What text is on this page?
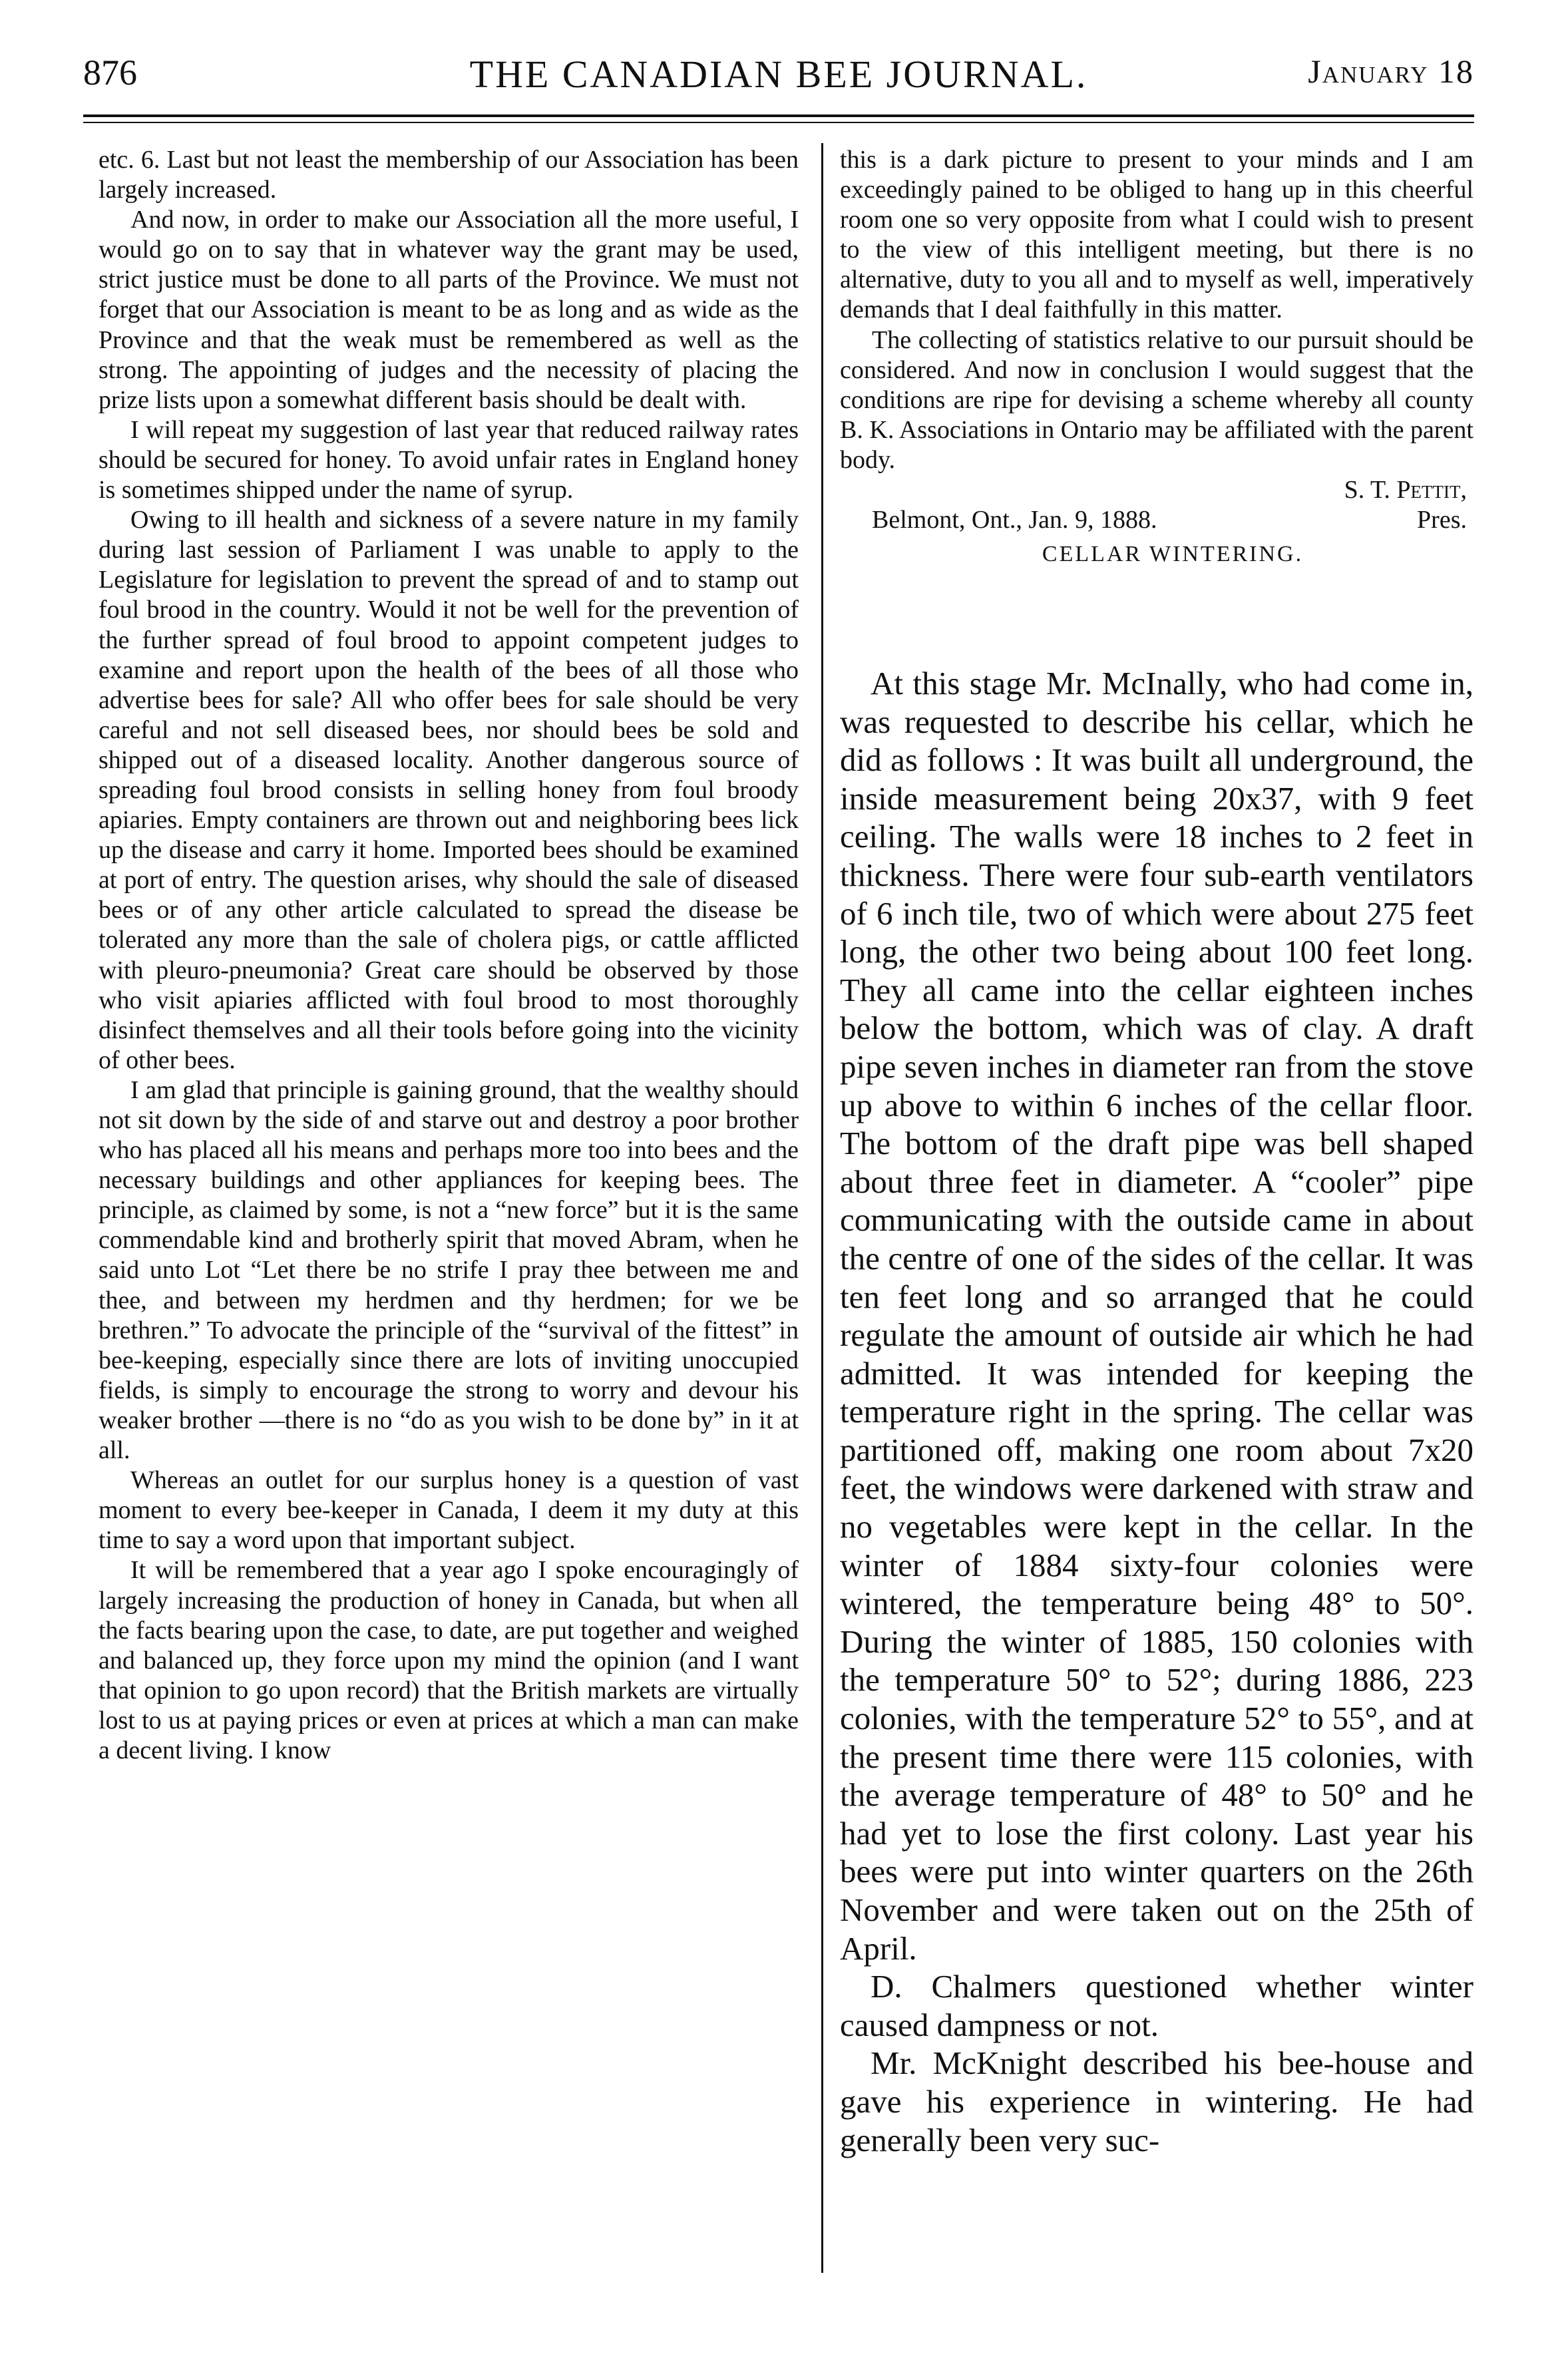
876	THE CANADIAN BEE JOURNAL.	January 18

etc. 6. Last but not least the membership of our Association has been largely increased.

And now, in order to make our Association all the more useful, I would go on to say that in whatever way the grant may be used, strict justice must be done to all parts of the Province. We must not forget that our Association is meant to be as long and as wide as the Province and that the weak must be remembered as well as the strong. The appointing of judges and the necessity of placing the prize lists upon a somewhat different basis should be dealt with.

I will repeat my suggestion of last year that reduced railway rates should be secured for honey. To avoid unfair rates in England honey is sometimes shipped under the name of syrup.

Owing to ill health and sickness of a severe nature in my family during last session of Parliament I was unable to apply to the Legislature for legislation to prevent the spread of and to stamp out foul brood in the country. Would it not be well for the prevention of the further spread of foul brood to appoint competent judges to examine and report upon the health of the bees of all those who advertise bees for sale? All who offer bees for sale should be very careful and not sell diseased bees, nor should bees be sold and shipped out of a diseased locality. Another dangerous source of spreading foul brood consists in selling honey from foul broody apiaries. Empty containers are thrown out and neighboring bees lick up the disease and carry it home. Imported bees should be examined at port of entry. The question arises, why should the sale of diseased bees or of any other article calculated to spread the disease be tolerated any more than the sale of cholera pigs, or cattle afflicted with pleuro-pneumonia? Great care should be observed by those who visit apiaries afflicted with foul brood to most thoroughly disinfect themselves and all their tools before going into the vicinity of other bees.

I am glad that principle is gaining ground, that the wealthy should not sit down by the side of and starve out and destroy a poor brother who has placed all his means and perhaps more too into bees and the necessary buildings and other appliances for keeping bees. The principle, as claimed by some, is not a “new force” but it is the same commendable kind and brotherly spirit that moved Abram, when he said unto Lot “Let there be no strife I pray thee between me and thee, and between my herdmen and thy herdmen; for we be brethren.” To advocate the principle of the “survival of the fittest” in bee-keeping, especially since there are lots of inviting unoccupied fields, is simply to encourage the strong to worry and devour his weaker brother —there is no “do as you wish to be done by” in it at all.

Whereas an outlet for our surplus honey is a question of vast moment to every bee-keeper in Canada, I deem it my duty at this time to say a word upon that important subject.

It will be remembered that a year ago I spoke encouragingly of largely increasing the production of honey in Canada, but when all the facts bearing upon the case, to date, are put together and weighed and balanced up, they force upon my mind the opinion (and I want that opinion to go upon record) that the British markets are virtually lost to us at paying prices or even at prices at which a man can make a decent living. I know

this is a dark picture to present to your minds and I am exceedingly pained to be obliged to hang up in this cheerful room one so very opposite from what I could wish to present to the view of this intelligent meeting, but there is no alternative, duty to you all and to myself as well, imperatively demands that I deal faithfully in this matter.

The collecting of statistics relative to our pursuit should be considered. And now in conclusion I would suggest that the conditions are ripe for devising a scheme whereby all county B. K. Associations in Ontario may be affiliated with the parent body.

S. T. Pettit,

Belmont, Ont., Jan. 9, 1888.	Pres.

CELLAR WINTERING.

At this stage Mr. McInally, who had come in, was requested to describe his cellar, which he did as follows : It was built all underground, the inside measurement being 20x37, with 9 feet ceiling. The walls were 18 inches to 2 feet in thickness. There were four sub-earth ventilators of 6 inch tile, two of which were about 275 feet long, the other two being about 100 feet long. They all came into the cellar eighteen inches below the bottom, which was of clay. A draft pipe seven inches in diameter ran from the stove up above to within 6 inches of the cellar floor. The bottom of the draft pipe was bell shaped about three feet in diameter. A “cooler” pipe communicating with the outside came in about the centre of one of the sides of the cellar. It was ten feet long and so arranged that he could regulate the amount of outside air which he had admitted. It was intended for keeping the temperature right in the spring. The cellar was partitioned off, making one room about 7x20 feet, the windows were darkened with straw and no vegetables were kept in the cellar. In the winter of 1884 sixty-four colonies were wintered, the temperature being 48° to 50°. During the winter of 1885, 150 colonies with the temperature 50° to 52°; during 1886, 223 colonies, with the temperature 52° to 55°, and at the present time there were 115 colonies, with the average temperature of 48° to 50° and he had yet to lose the first colony. Last year his bees were put into winter quarters on the 26th November and were taken out on the 25th of April.

D. Chalmers questioned whether winter caused dampness or not.

Mr. McKnight described his bee-house and gave his experience in wintering. He had generally been very suc-
